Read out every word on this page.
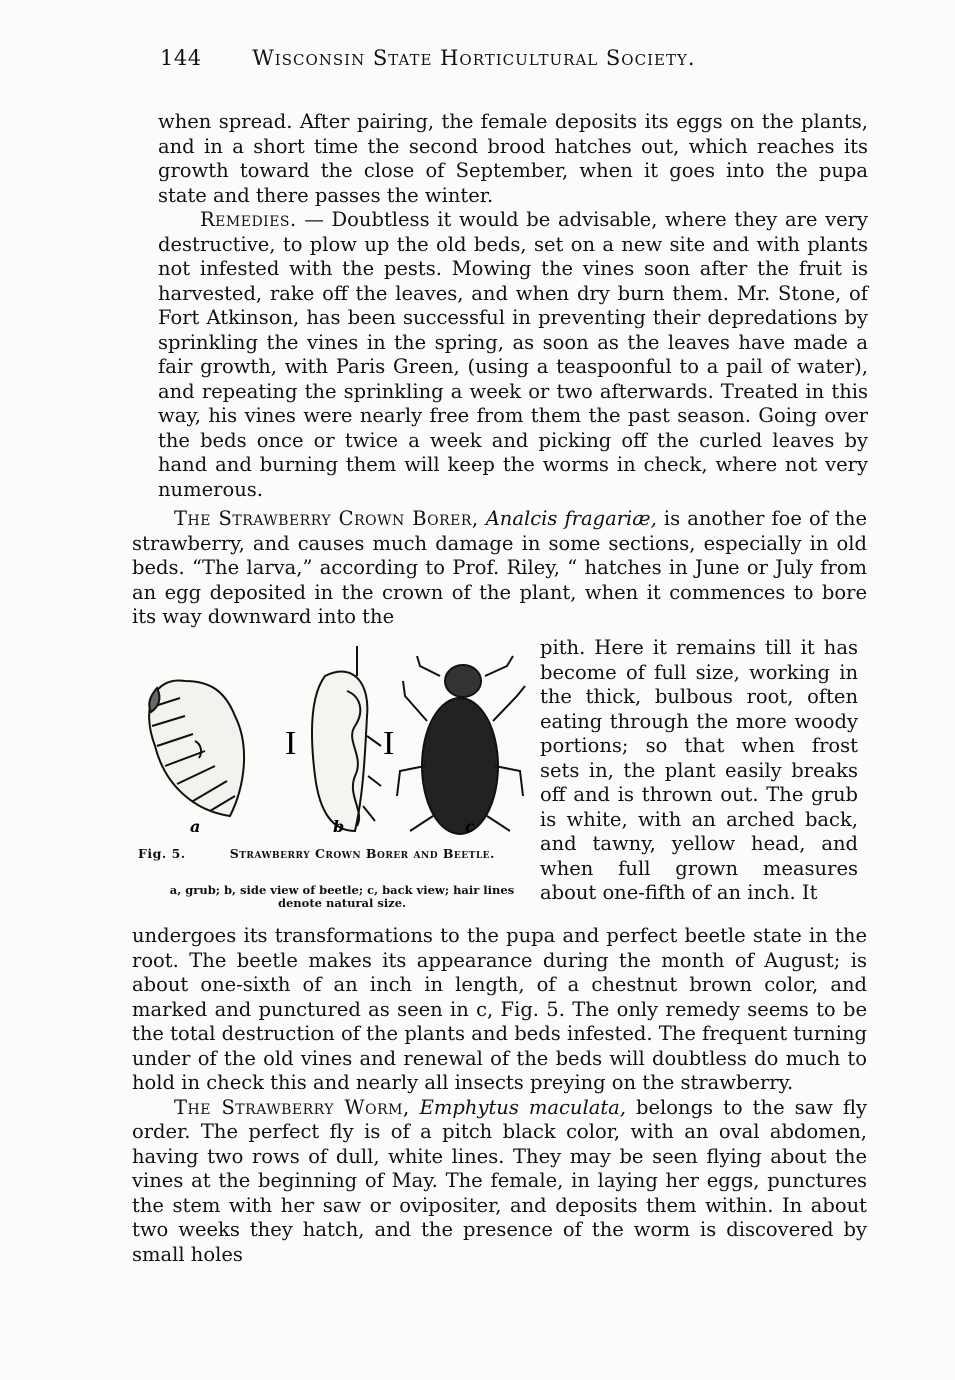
144 Wisconsin State Horticultural Society.

when spread. After pairing, the female deposits its eggs on the plants, and in a short time the second brood hatches out, which reaches its growth toward the close of September, when it goes into the pupa state and there passes the winter.

Remedies. — Doubtless it would be advisable, where they are very destructive, to plow up the old beds, set on a new site and with plants not infested with the pests. Mowing the vines soon after the fruit is harvested, rake off the leaves, and when dry burn them. Mr. Stone, of Fort Atkinson, has been successful in preventing their depredations by sprinkling the vines in the spring, as soon as the leaves have made a fair growth, with Paris Green, (using a teaspoonful to a pail of water), and repeating the sprinkling a week or two afterwards. Treated in this way, his vines were nearly free from them the past season. Going over the beds once or twice a week and picking off the curled leaves by hand and burning them will keep the worms in check, where not very numerous.

The Strawberry Crown Borer, Analcis fragariæ, is another foe of the strawberry, and causes much damage in some sections, especially in old beds. “The larva,” according to Prof. Riley, “ hatches in June or July from an egg deposited in the crown of the plant, when it commences to bore its way downward into the

a
I	I
b	c
pith. Here it remains till it has become of full size, working in the thick, bulbous root, often eating through the more woody portions; so that when frost sets in, the plant easily breaks off and is thrown out. The grub is white, with an arched back, and tawny, yellow head, and when full grown measures about one-fifth of an inch. It
Fig. 5.	Strawberry Crown Borer and Beetle.
a, grub; b, side view of beetle; c, back view; hair lines denote natural size.

undergoes its transformations to the pupa and perfect beetle state in the root. The beetle makes its appearance during the month of August; is about one-sixth of an inch in length, of a chestnut brown color, and marked and punctured as seen in c, Fig. 5. The only remedy seems to be the total destruction of the plants and beds infested. The frequent turning under of the old vines and renewal of the beds will doubtless do much to hold in check this and nearly all insects preying on the strawberry.

The Strawberry Worm, Emphytus maculata, belongs to the saw fly order. The perfect fly is of a pitch black color, with an oval abdomen, having two rows of dull, white lines. They may be seen flying about the vines at the beginning of May. The female, in laying her eggs, punctures the stem with her saw or ovipositer, and deposits them within. In about two weeks they hatch, and the presence of the worm is discovered by small holes
